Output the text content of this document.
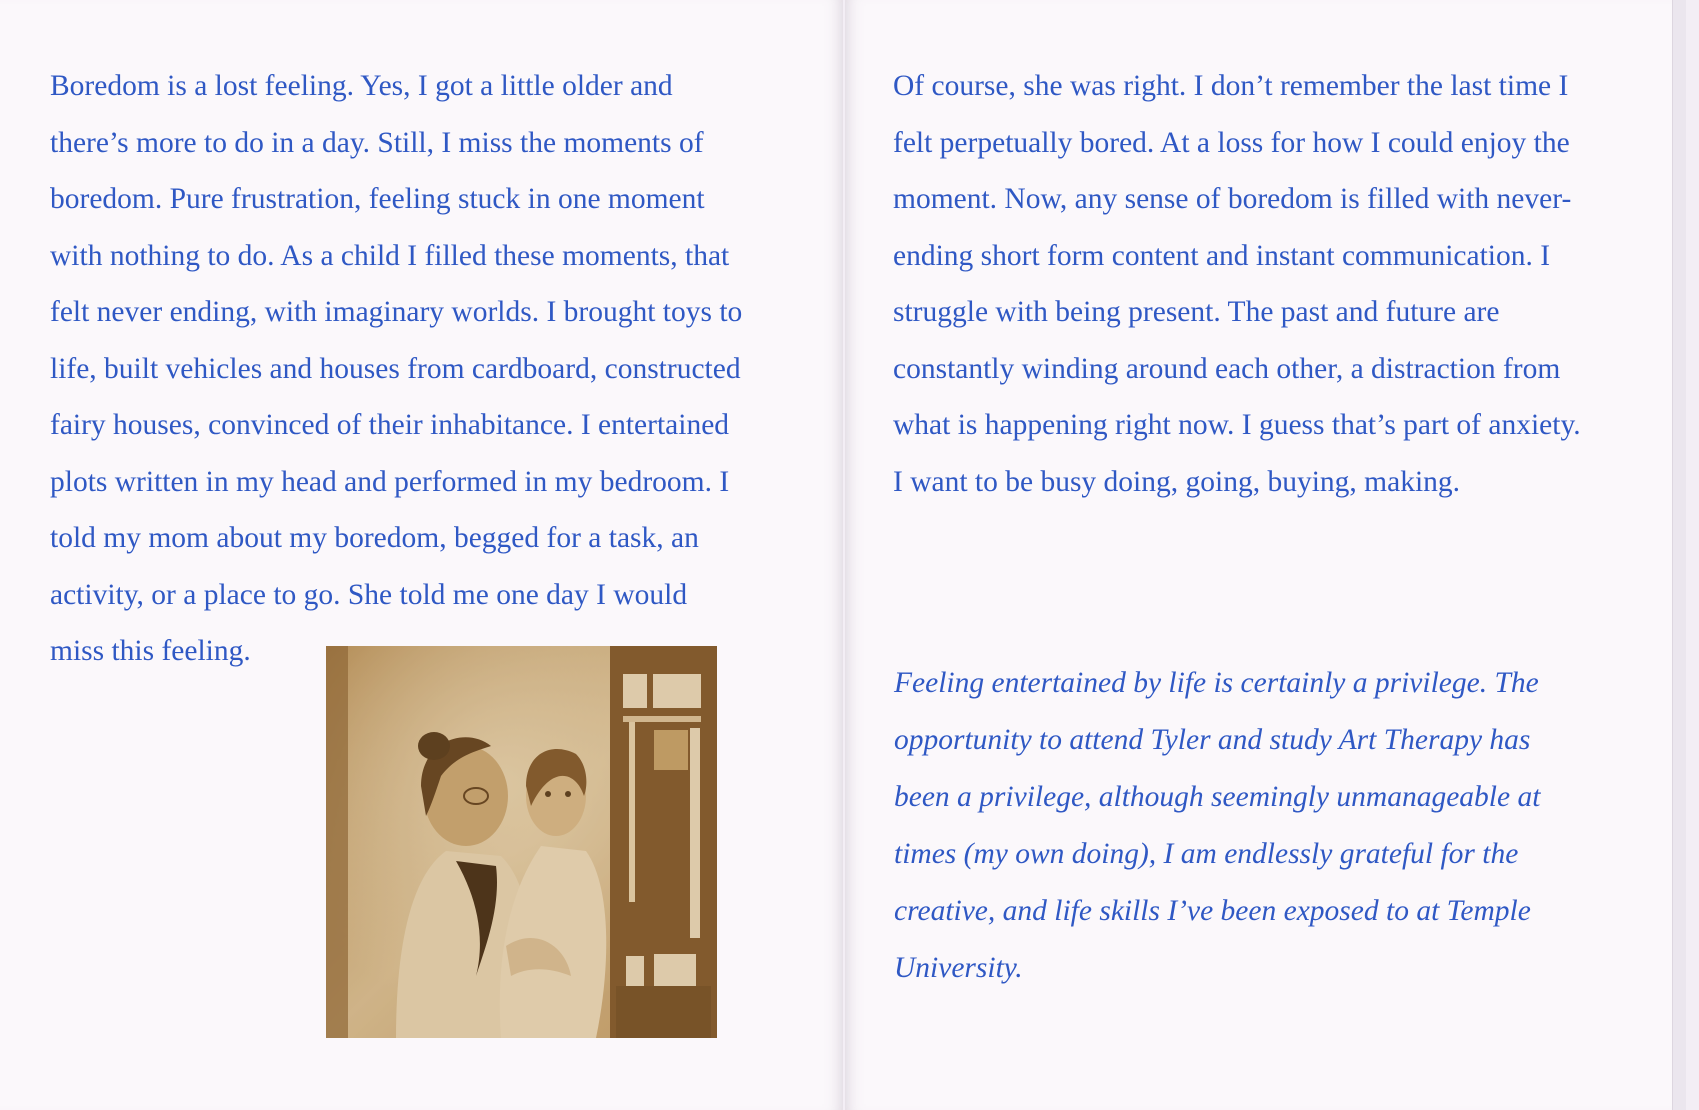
Boredom is a lost feeling. Yes, I got a little older and
there’s more to do in a day. Still, I miss the moments of
boredom. Pure frustration, feeling stuck in one moment
with nothing to do. As a child I filled these moments, that
felt never ending, with imaginary worlds. I brought toys to
life, built vehicles and houses from cardboard, constructed
fairy houses, convinced of their inhabitance. I entertained
plots written in my head and performed in my bedroom. I
told my mom about my boredom, begged for a task, an
activity, or a place to go. She told me one day I would
miss this feeling.

Of course, she was right. I don’t remember the last time I
felt perpetually bored. At a loss for how I could enjoy the
moment. Now, any sense of boredom is filled with never-
ending short form content and instant communication. I
struggle with being present. The past and future are
constantly winding around each other, a distraction from
what is happening right now. I guess that’s part of anxiety.
I want to be busy doing, going, buying, making.

Feeling entertained by life is certainly a privilege. The
opportunity to attend Tyler and study Art Therapy has
been a privilege, although seemingly unmanageable at
times (my own doing), I am endlessly grateful for the
creative, and life skills I’ve been exposed to at Temple
University.
